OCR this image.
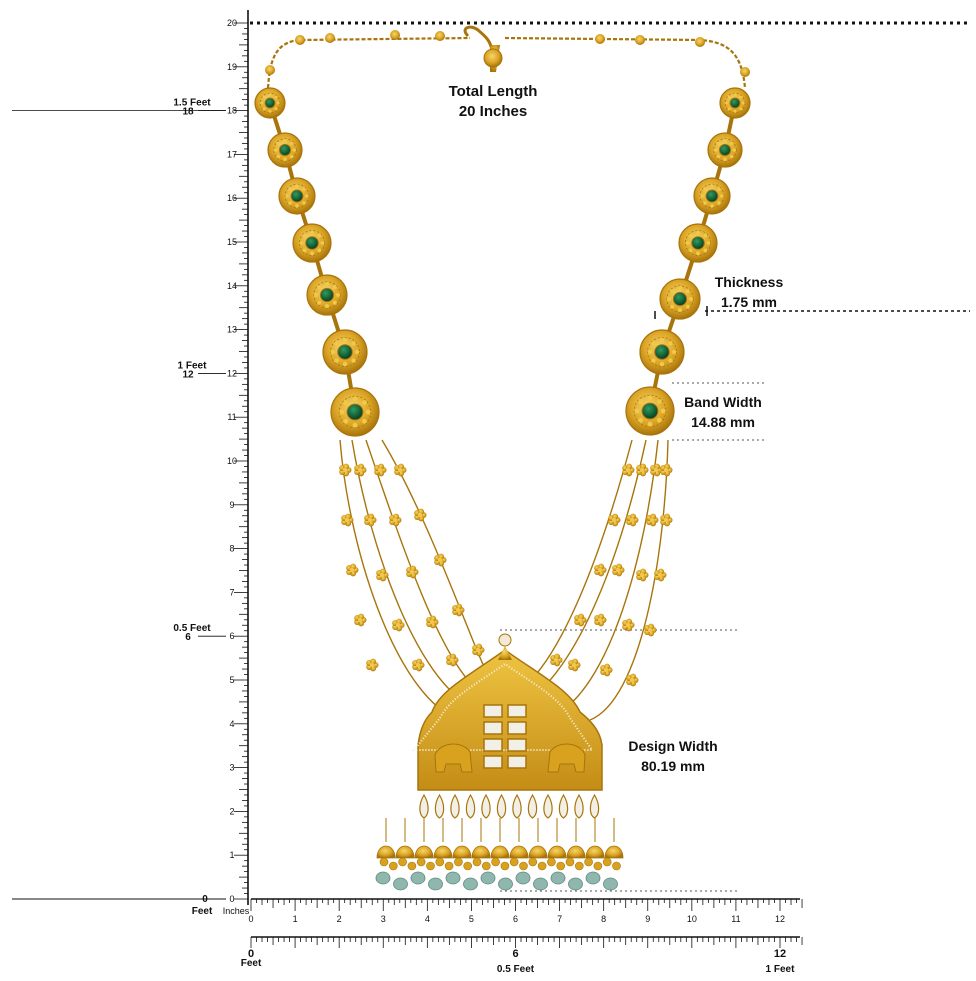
0
1
2
3
4
5
6
7
8
9
10
11
12
13
14
15
16
17
18
19
20
1.5 Feet
18
1 Feet
12
0.5 Feet
6
0
Feet Inches
0	1	2	3	4	5	6	7	8	9	10	11	12
0	6	12
Feet
0.5 Feet	1 Feet
Total Length
20 Inches
Thickness
1.75 mm
Band Width
14.88 mm
Design Width
80.19 mm
